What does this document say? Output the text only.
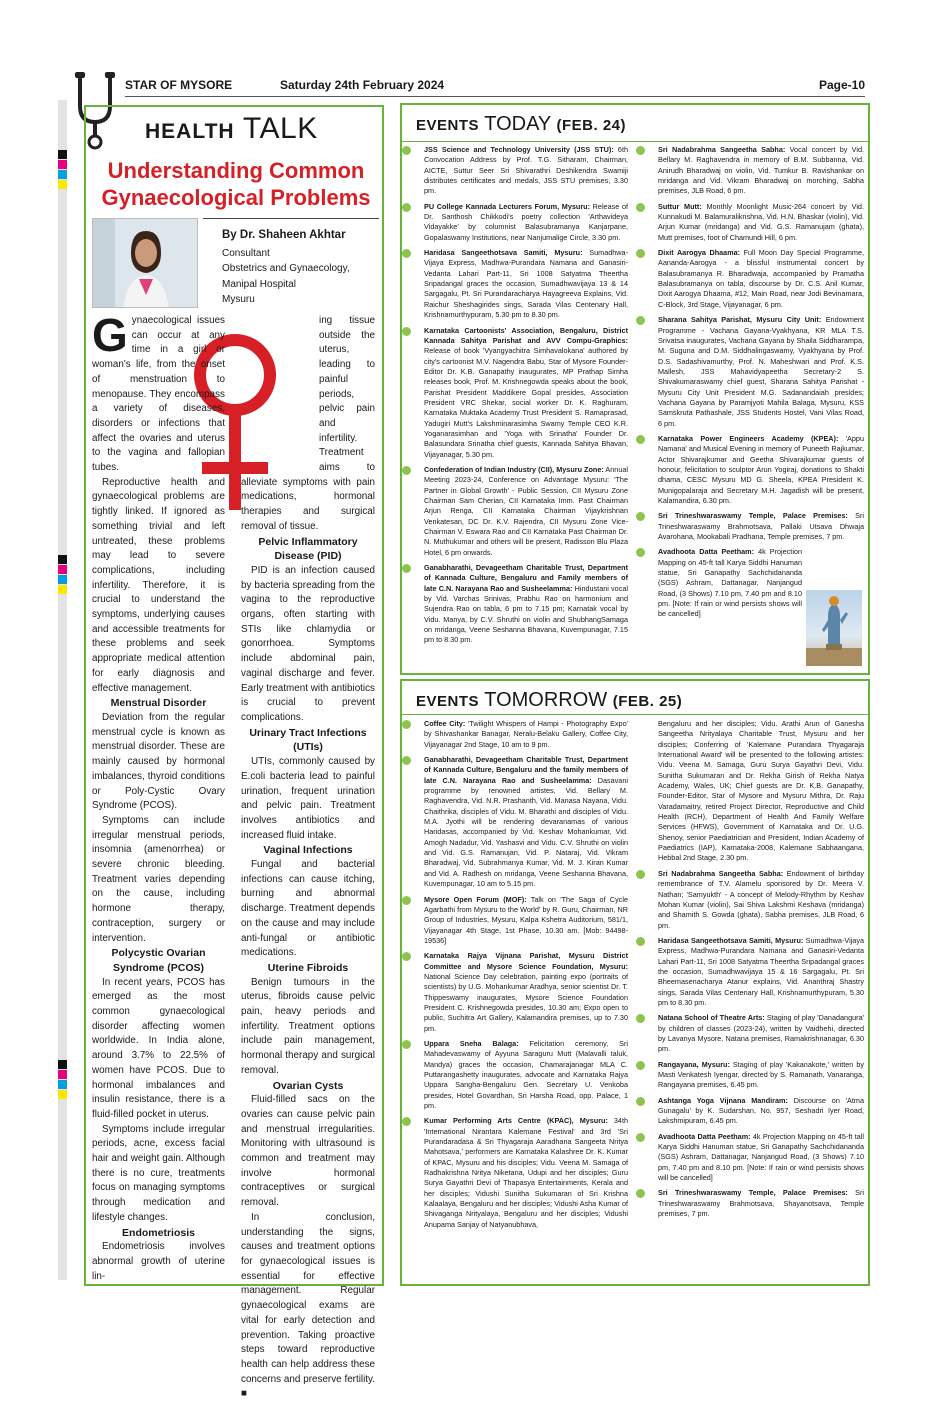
STAR OF MYSORE	Saturday 24th February 2024	Page-10
HEALTH TALK
Understanding Common Gynaecological Problems
By Dr. Shaheen Akhtar
Consultant
Obstetrics and Gynaecology,
Manipal Hospital
Mysuru

G ynaecological issues can occur at any time in a girl or woman's life, from the onset of menstruation to menopause. They encompass a variety of diseases, disorders or infections that affect the ovaries and uterus to the vagina and fallopian tubes.

Reproductive health and gynaecological problems are tightly linked. If ignored as something trivial and left untreated, these problems may lead to severe complications, including infertility. Therefore, it is crucial to understand the symptoms, underlying causes and accessible treatments for these problems and seek appropriate medical attention for early diagnosis and effective management.

Menstrual Disorder

Deviation from the regular menstrual cycle is known as menstrual disorder. These are mainly caused by hormonal imbalances, thyroid conditions or Poly-Cystic Ovary Syndrome (PCOS).

Symptoms can include irregular menstrual periods, insomnia (amenorrhea) or severe chronic bleeding. Treatment varies depending on the cause, including hormone therapy, contraception, surgery or intervention.

Polycystic Ovarian Syndrome (PCOS)

In recent years, PCOS has emerged as the most common gynaecological disorder affecting women worldwide. In India alone, around 3.7% to 22.5% of women have PCOS. Due to hormonal imbalances and insulin resistance, there is a fluid-filled pocket in uterus.

Symptoms include irregular periods, acne, excess facial hair and weight gain. Although there is no cure, treatments focus on managing symptoms through medication and lifestyle changes.

Endometriosis

Endometriosis involves abnormal growth of uterine lin-

ing tissue outside the uterus, leading to painful periods, pelvic pain and infertility. Treatment aims to alleviate symptoms with pain medications, hormonal therapies and surgical removal of tissue.

Pelvic Inflammatory Disease (PID)

PID is an infection caused by bacteria spreading from the vagina to the reproductive organs, often starting with STIs like chlamydia or gonorrhoea. Symptoms include abdominal pain, vaginal discharge and fever. Early treatment with antibiotics is crucial to prevent complications.

Urinary Tract Infections (UTIs)

UTIs, commonly caused by E.coli bacteria lead to painful urination, frequent urination and pelvic pain. Treatment involves antibiotics and increased fluid intake.

Vaginal Infections

Fungal and bacterial infections can cause itching, burning and abnormal discharge. Treatment depends on the cause and may include anti-fungal or antibiotic medications.

Uterine Fibroids

Benign tumours in the uterus, fibroids cause pelvic pain, heavy periods and infertility. Treatment options include pain management, hormonal therapy and surgical removal.

Ovarian Cysts

Fluid-filled sacs on the ovaries can cause pelvic pain and menstrual irregularities. Monitoring with ultrasound is common and treatment may involve hormonal contraceptives or surgical removal.

In conclusion, understanding the signs, causes and treatment options for gynaecological issues is essential for effective management. Regular gynaecological exams are vital for early detection and prevention. Taking proactive steps toward reproductive health can help address these concerns and preserve fertility. ■

EVENTS TODAY (FEB. 24)
JSS Science and Technology University (JSS STU): 6th Convocation Address by Prof. T.G. Sitharam, Chairman, AICTE, Suttur Seer Sri Shivarathri Deshikendra Swamiji distributes certificates and medals, JSS STU premises, 3.30 pm.
PU College Kannada Lecturers Forum, Mysuru: Release of Dr. Santhosh Chikkodi's poetry collection 'Arthavideya Vidayakke' by columnist Balasubramanya Kanjarpane, Gopalaswamy Institutions, near Nanjumalige Circle, 3.30 pm.
Haridasa Sangeethotsava Samiti, Mysuru: Sumadhwa-Vijaya Express, Madhwa-Purandara Namana and Ganasiri-Vedanta Lahari Part-11, Sri 1008 Satyatma Theertha Sripadangal graces the occasion, Sumadhwavijaya 13 & 14 Sargagalu, Pt. Sri Purandaracharya Hayagreeva Explains, Vid. Raichur Sheshagirides sings, Sarada Vilas Centenary Hall, Krishnamurthypuram, 5.30 pm to 8.30 pm.
Karnataka Cartoonists' Association, Bengaluru, District Kannada Sahitya Parishat and AVV Compu-Graphics: Release of book 'Vyangyachitra Simhavalokana' authored by city's cartoonist M.V. Nagendra Babu, Star of Mysore Founder-Editor Dr. K.B. Ganapathy inaugurates, MP Prathap Simha releases book, Prof. M. Krishnegowda speaks about the book, Parishat President Maddikere Gopal presides, Association President VRC Shekar, social worker Dr. K. Raghuram, Karnataka Muktaka Academy Trust President S. Ramaprasad, Yadugiri Mutt's Lakshminarasimha Swamy Temple CEO K.R. Yoganarasimhan and 'Yoga with Srinatha' Founder Dr. Balasundara Srinatha chief guests, Kannada Sahitya Bhavan, Vijayanagar, 5.30 pm.
Confederation of Indian Industry (CII), Mysuru Zone: Annual Meeting 2023-24, Conference on Advantage Mysuru: 'The Partner in Global Growth' - Public Session, CII Mysuru Zone Chairman Sam Cherian, CII Karnataka Imm. Past Chairman Arjun Renga, CII Karnataka Chairman Vijaykrishnan Venkatesan, DC Dr. K.V. Rajendra, CII Mysuru Zone Vice-Chairman V. Eswara Rao and CII Karnataka Past Chairman Dr. N. Muthukumar and others will be present, Radisson Blu Plaza Hotel, 6 pm onwards.
Ganabharathi, Devageetham Charitable Trust, Department of Kannada Culture, Bengaluru and Family members of late C.N. Narayana Rao and Susheelamma: Hindustani vocal by Vid. Varchas Srinivas, Prabhu Rao on harmonium and Sujendra Rao on tabla, 6 pm to 7.15 pm; Karnatak vocal by Vidu. Manya, by C.V. Shruthi on violin and ShubhangSamaga on mridanga, Veene Seshanna Bhavana, Kuvempunagar, 7.15 pm to 8.30 pm.
Sri Nadabrahma Sangeetha Sabha: Vocal concert by Vid. Bellary M. Raghavendra in memory of B.M. Subbanna, Vid. Anirudh Bharadwaj on violin, Vid. Tumkur B. Ravishankar on mridanga and Vid. Vikram Bharadwaj on morching, Sabha premises, JLB Road, 6 pm.
Suttur Mutt: Monthly Moonlight Music-264 concert by Vid. Kunnakudi M. Balamuralikrishna, Vid. H.N. Bhaskar (violin), Vid. Arjun Kumar (mridanga) and Vid. G.S. Ramanujam (ghata), Mutt premises, foot of Chamundi Hill, 6 pm.
Dixit Aarogya Dhaama: Full Moon Day Special Programme, Aananda-Aarogya - a blissful instrumental concert by Balasubramanya R. Bharadwaja, accompanied by Pramatha Balasubramanya on tabla, discourse by Dr. C.S. Anil Kumar, Dixit Aarogya Dhaama, #12, Main Road, near Jodi Bevinamara, C-Block, 3rd Stage, Vijayanagar, 6 pm.
Sharana Sahitya Parishat, Mysuru City Unit: Endowment Programme - Vachana Gayana-Vyakhyana, KR MLA T.S. Srivatsa inaugurates, Vachana Gayana by Shaila Siddharampa, M. Suguna and D.M. Siddhalingaswamy, Vyakhyana by Prof. D.S. Sadashivamurthy, Prof. N. Maheshwari and Prof. K.S. Mallesh, JSS Mahavidyapeetha Secretary-2 S. Shivakumaraswamy chief guest, Sharana Sahitya Parishat - Mysuru City Unit President M.G. Sadanandaiah presides; Vachana Gayana by Paramjyoti Mahila Balaga, Mysuru, KSS Samskruta Pathashale, JSS Students Hostel, Vani Vilas Road, 6 pm.
Karnataka Power Engineers Academy (KPEA): 'Appu Namana' and Musical Evening in memory of Puneeth Rajkumar, Actor Shivarajkumar and Geetha Shivarajkumar guests of honour, felicitation to sculptor Arun Yogiraj, donations to Shakti dhama, CESC Mysuru MD G. Sheela, KPEA President K. Munigopalaraja and Secretary M.H. Jagadish will be present, Kalamandira, 6.30 pm.
Sri Trineshwaraswamy Temple, Palace Premises: Sri Trineshwaraswamy Brahmotsava, Pallaki Utsava Dhwaja Avarohana, Mookabali Pradhana, Temple premises, 7 pm.
Avadhoota Datta Peetham: 4k Projection Mapping on 45-ft tall Karya Siddhi Hanuman statue, Sri Ganapathy Sachchidananda (SGS) Ashram, Dattanagar, Nanjangud Road, (3 Shows) 7.10 pm, 7.40 pm and 8.10 pm. [Note: If rain or wind persists shows will be cancelled]
EVENTS TOMORROW (FEB. 25)
Coffee City: 'Twilight Whispers of Hampi - Photography Expo' by Shivashankar Banagar, Neralu-Belaku Gallery, Coffee City, Vijayanagar 2nd Stage, 10 am to 9 pm.
Ganabharathi, Devageetham Charitable Trust, Department of Kannada Culture, Bengaluru and the family members of late C.N. Narayana Rao and Susheelamma: Dasavani programme by renowned artistes, Vid. Bellary M. Raghavendra, Vid. N.R. Prashanth, Vid. Manasa Nayana, Vidu. Chaithrika, disciples of Vidu. M. Bharathi and disciples of Vidu. M.A. Jyothi will be rendering devaranamas of various Haridasas, accompanied by Vid. Keshav Mohankumar, Vid. Amogh Nadadur, Vid. Yashasvi and Vidu. C.V. Shruthi on violin and Vid. G.S. Ramanujan, Vid. P. Nataraj, Vid. Vikram Bharadwaj, Vid. Subrahmanya Kumar, Vid. M. J. Kiran Kumar and Vid. A. Radhesh on mridanga, Veene Seshanna Bhavana, Kuvempunagar, 10 am to 5.15 pm.
Mysore Open Forum (MOF): Talk on 'The Saga of Cycle Agarbathi from Mysuru to the World' by R. Guru, Chairman, NR Group of Industries, Mysuru, Kalpa Kshetra Auditorium, 581/1, Vijayanagar 4th Stage, 1st Phase, 10.30 am. [Mob: 94498-19536]
Karnataka Rajya Vijnana Parishat, Mysuru District Committee and Mysore Science Foundation, Mysuru: National Science Day celebration, painting expo (portraits of scientists) by U.G. Mohankumar Aradhya, senior scientist Dr. T. Thippeswamy inaugurates, Mysore Science Foundation President C. Krishnegowda presides, 10.30 am; Expo open to public, Suchitra Art Gallery, Kalamandira premises, up to 7.30 pm.
Uppara Sneha Balaga: Felicitation ceremony, Sri Mahadevaswamy of Ayyuna Saraguru Mutt (Malavalli taluk, Mandya) graces the occasion, Chamarajanagar MLA C. Puttarangashetty inaugurates, advocate and Karnataka Rajya Uppara Sangha-Bengaluru Gen. Secretary U. Venkoba presides, Hotel Govardhan, Sri Harsha Road, opp. Palace, 1 pm.
Kumar Performing Arts Centre (KPAC), Mysuru: 34th 'International Nirantara Kalemane Festival' and 3rd 'Sri Purandaradasa & Sri Thyagaraja Aaradhana Sangeeta Nritya Mahotsava,' performers are Karnataka Kalashree Dr. K. Kumar of KPAC, Mysuru and his disciples; Vidu. Veena M. Samaga of Radhakrishna Nritya Niketana, Udupi and her disciples; Guru Surya Gayathri Devi of Thapasya Entertainments, Kerala and her disciples; Vidushi Sunitha Sukumaran of Sri Krishna Kalaalaya, Bengaluru and her disciples; Vidushi Asha Kumar of Shivaganga Nrityalaya, Bengaluru and her disciples; Vidushi Anupama Sanjay of Natyanubhava,
Bengaluru and her disciples; Vidu. Arathi Arun of Ganesha Sangeetha Nrityalaya Charitable Trust, Mysuru and her disciples; Conferring of 'Kalemane Purandara Thyagaraja International Award' will be presented to the following artistes: Vidu. Veena M. Samaga, Guru Surya Gayathri Devi, Vidu. Sunitha Sukumaran and Dr. Rekha Girish of Rekha Natya Academy, Wales, UK; Chief guests are Dr. K.B. Ganapathy, Founder-Editor, Star of Mysore and Mysuru Mithra, Dr. Raju Varadamaitry, retired Project Director, Reproductive and Child Health (RCH), Department of Health And Family Welfare Services (HFWS), Government of Karnataka and Dr. U.G. Shenoy, senior Paediatrician and President, Indian Academy of Paediatrics (IAP), Karnataka-2008, Kalemane Sabhaangana, Hebbal 2nd Stage, 2.30 pm.
Sri Nadabrahma Sangeetha Sabha: Endowment of birthday remembrance of T.V. Alamelu sponsored by Dr. Meera V. Nathan; 'Samyukth' - A concept of Melody-Rhythm by Keshav Mohan Kumar (violin), Sai Shiva Lakshmi Keshava (mridanga) and Shamith S. Gowda (ghata), Sabha premises, JLB Road, 6 pm.
Haridasa Sangeethotsava Samiti, Mysuru: Sumadhwa-Vijaya Express, Madhwa-Purandara Namana and Ganasiri-Vedanta Lahari Part-11, Sri 1008 Satyatma Theertha Sripadangal graces the occasion, Sumadhwavijaya 15 & 16 Sargagalu, Pt. Sri Bheemasenacharya Atanur explains, Vid. Ananthraj Shastry sings, Sarada Vilas Centenary Hall, Krishnamurthypuram, 5.30 pm to 8.30 pm.
Natana School of Theatre Arts: Staging of play 'Danadangura' by children of classes (2023-24), written by Vaidhehi, directed by Lavanya Mysore, Natana premises, Ramakrishnanagar, 6.30 pm.
Rangayana, Mysuru: Staging of play 'Kakanakote,' written by Masti Venkatesh Iyengar, directed by S. Ramanath, Vanaranga, Rangayana premises, 6.45 pm.
Ashtanga Yoga Vijnana Mandiram: Discourse on 'Atma Gunagalu' by K. Sudarshan, No. 957, Seshadri Iyer Road, Lakshmipuram, 6.45 pm.
Avadhoota Datta Peetham: 4k Projection Mapping on 45-ft tall Karya Siddhi Hanuman statue, Sri Ganapathy Sachchidananda (SGS) Ashram, Dattanagar, Nanjangud Road, (3 Shows) 7.10 pm, 7.40 pm and 8.10 pm. [Note: If rain or wind persists shows will be cancelled]
Sri Trineshwaraswamy Temple, Palace Premises: Sri Trineshwaraswamy Brahmotsava, Shayanotsava, Temple premises, 7 pm.
